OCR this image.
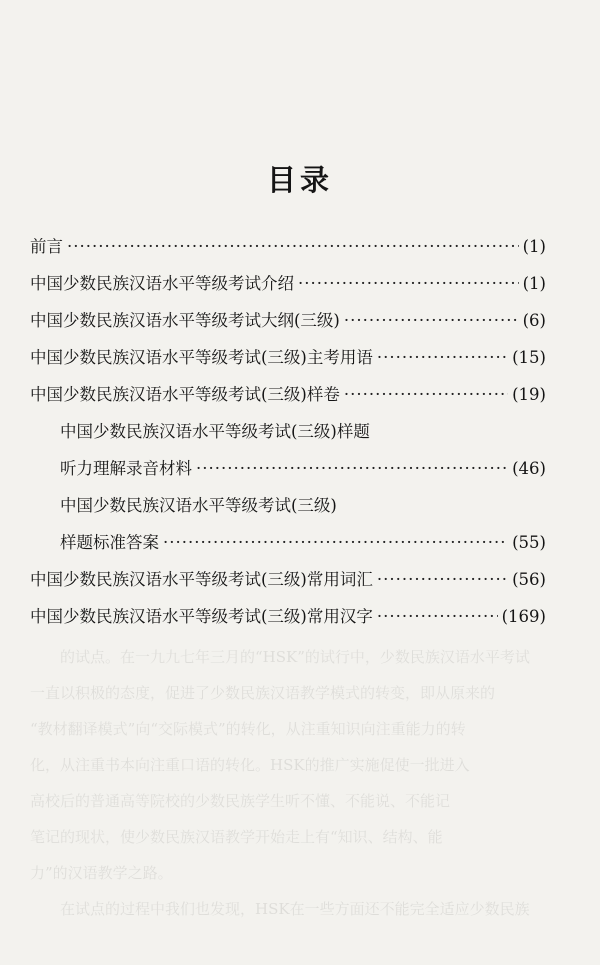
　　的试点。在一九九七年三月的“HSK”的试行中，少数民族汉语水平考试
一直以积极的态度，促进了少数民族汉语教学模式的转变，即从原来的
“教材翻译模式”向“交际模式”的转化，从注重知识向注重能力的转
化，从注重书本向注重口语的转化。HSK的推广实施促使一批进入
高校后的普通高等院校的少数民族学生听不懂、不能说、不能记
笔记的现状，使少数民族汉语教学开始走上有“知识、结构、能
力”的汉语教学之路。
　　在试点的过程中我们也发现，HSK在一些方面还不能完全适应少数民族
目录
前言 ·····	(1)
中国少数民族汉语水平等级考试介绍 ·····	(1)
中国少数民族汉语水平等级考试大纲(三级) ·····	(6)
中国少数民族汉语水平等级考试(三级)主考用语 ·····	(15)
中国少数民族汉语水平等级考试(三级)样卷 ·····	(19)
中国少数民族汉语水平等级考试(三级)样题
听力理解录音材料 ·····	(46)
中国少数民族汉语水平等级考试(三级)
样题标准答案 ·····	(55)
中国少数民族汉语水平等级考试(三级)常用词汇 ·····	(56)
中国少数民族汉语水平等级考试(三级)常用汉字 ·····	(169)
